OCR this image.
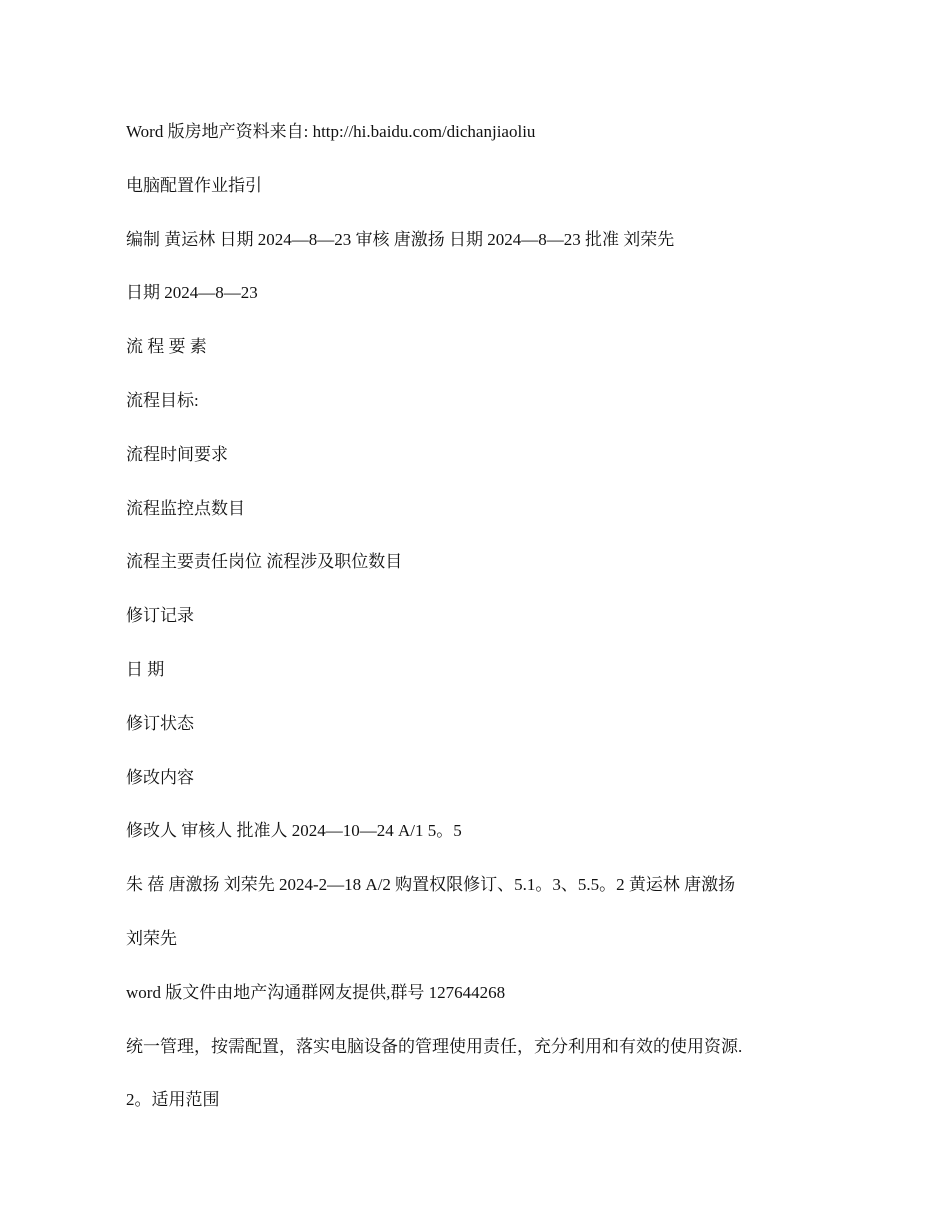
Word 版房地产资料来自: http://hi.baidu.com/dichanjiaoliu
电脑配置作业指引
编制 黄运林 日期 2024—8—23 审核 唐激扬 日期 2024—8—23 批准 刘荣先
日期 2024—8—23
流 程 要 素
流程目标:
流程时间要求
流程监控点数目
流程主要责任岗位 流程涉及职位数目
修订记录
日 期
修订状态
修改内容
修改人 审核人 批准人 2024—10—24 A/1 5。5
朱 蓓 唐激扬 刘荣先 2024-2—18 A/2 购置权限修订、5.1。3、5.5。2 黄运林 唐激扬
刘荣先
word 版文件由地产沟通群网友提供,群号 127644268
统一管理，按需配置，落实电脑设备的管理使用责任，充分利用和有效的使用资源.
2。适用范围
